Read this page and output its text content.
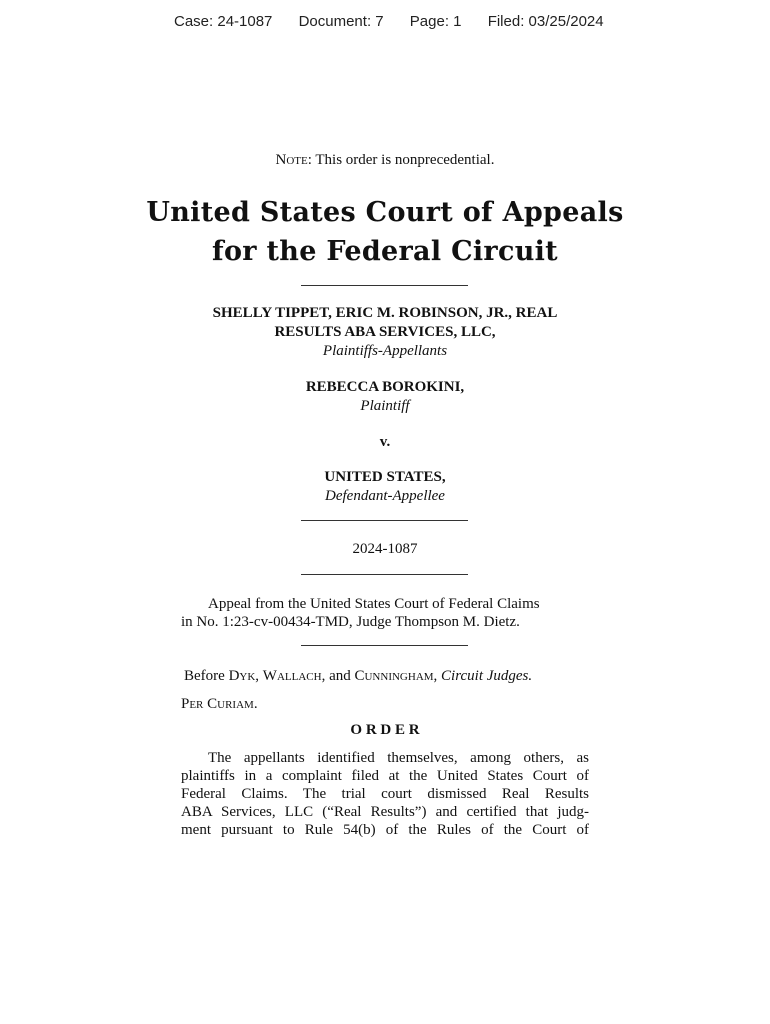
Case: 24-1087 Document: 7 Page: 1 Filed: 03/25/2024
Note: This order is nonprecedential.
United States Court of Appeals
for the Federal Circuit
SHELLY TIPPET, ERIC M. ROBINSON, JR., REAL
RESULTS ABA SERVICES, LLC,
Plaintiffs-Appellants
REBECCA BOROKINI,
Plaintiff
v.
UNITED STATES,
Defendant-Appellee
2024-1087
Appeal from the United States Court of Federal Claims
in No. 1:23-cv-00434-TMD, Judge Thompson M. Dietz.
Before Dyk, Wallach, and Cunningham, Circuit Judges.
Per Curiam.
O R D E R
The appellants identified themselves, among others, as
plaintiffs in a complaint filed at the United States Court of
Federal Claims. The trial court dismissed Real Results
ABA Services, LLC (“Real Results”) and certified that judg-
ment pursuant to Rule 54(b) of the Rules of the Court of
